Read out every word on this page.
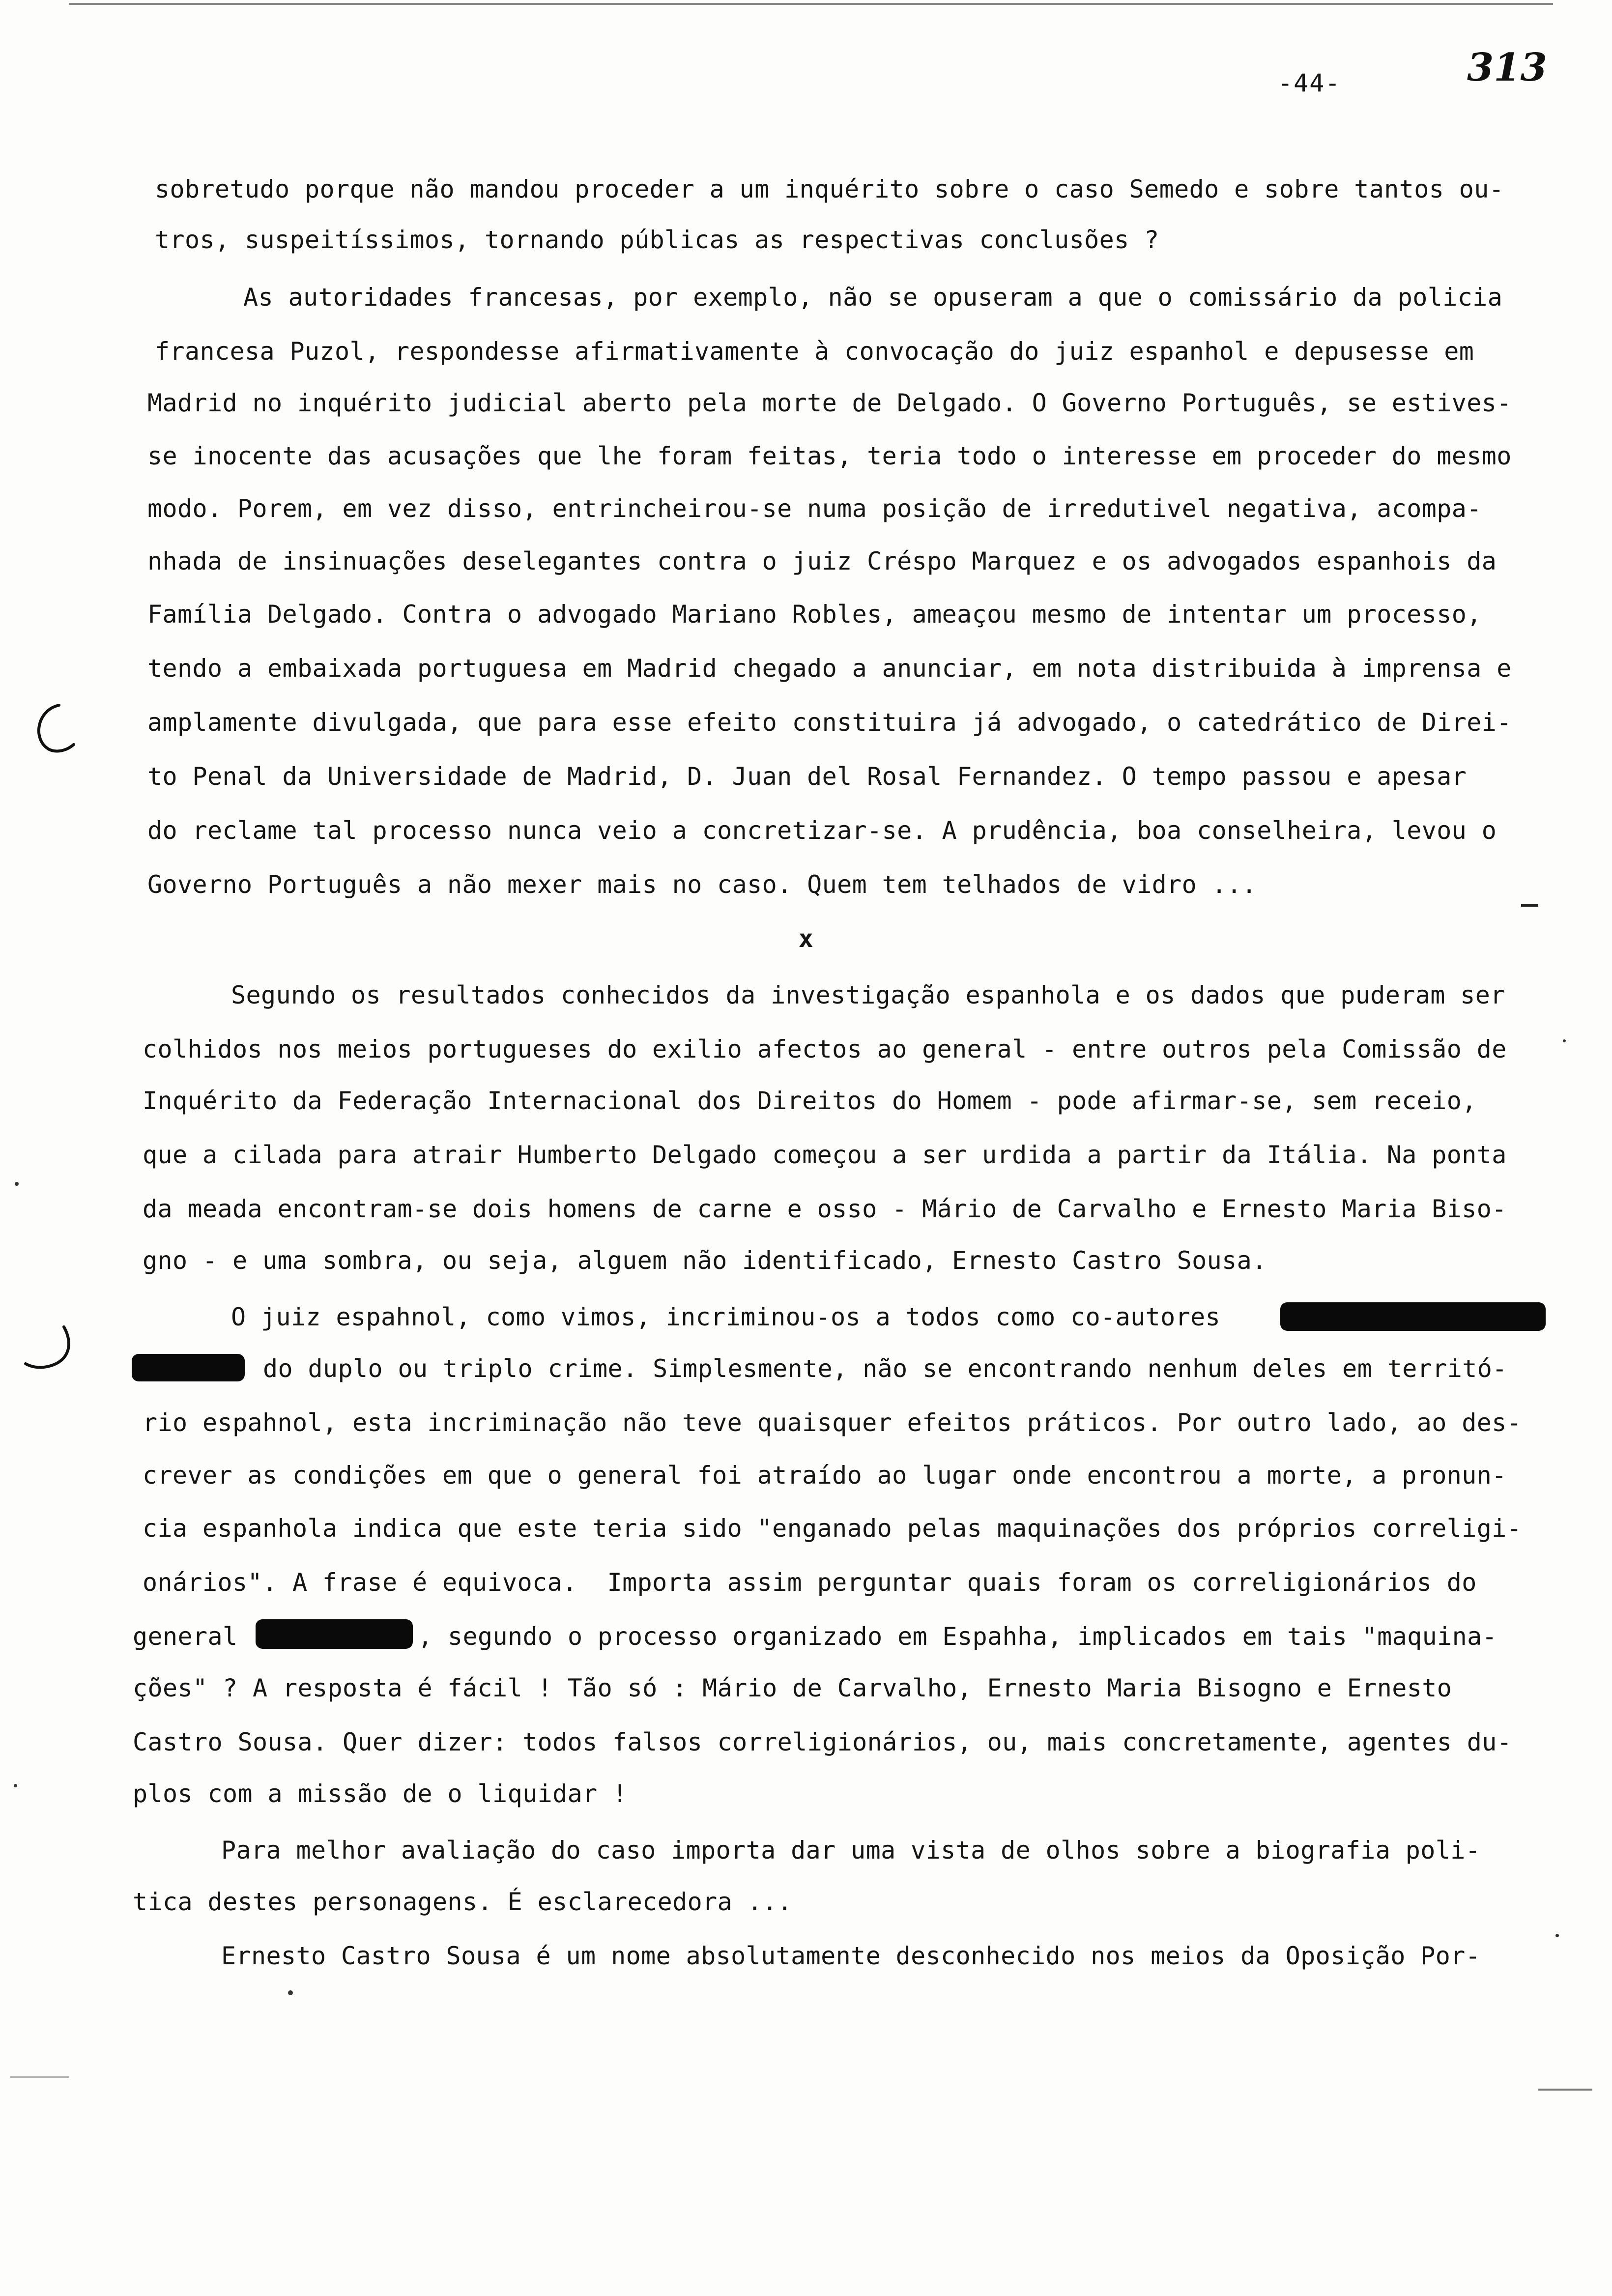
-44-	313
sobretudo porque não mandou proceder a um inquérito sobre o caso Semedo e sobre tantos ou-
tros, suspeitíssimos, tornando públicas as respectivas conclusões ?
As autoridades francesas, por exemplo, não se opuseram a que o comissário da policia
francesa Puzol, respondesse afirmativamente à convocação do juiz espanhol e depusesse em
Madrid no inquérito judicial aberto pela morte de Delgado. O Governo Português, se estives-
se inocente das acusações que lhe foram feitas, teria todo o interesse em proceder do mesmo
modo. Porem, em vez disso, entrincheirou-se numa posição de irredutivel negativa, acompa-
nhada de insinuações deselegantes contra o juiz Créspo Marquez e os advogados espanhois da
Família Delgado. Contra o advogado Mariano Robles, ameaçou mesmo de intentar um processo,
tendo a embaixada portuguesa em Madrid chegado a anunciar, em nota distribuida à imprensa e
amplamente divulgada, que para esse efeito constituira já advogado, o catedrático de Direi-
to Penal da Universidade de Madrid, D. Juan del Rosal Fernandez. O tempo passou e apesar
do reclame tal processo nunca veio a concretizar-se. A prudência, boa conselheira, levou o
Governo Português a não mexer mais no caso. Quem tem telhados de vidro ...
x
Segundo os resultados conhecidos da investigação espanhola e os dados que puderam ser
colhidos nos meios portugueses do exilio afectos ao general - entre outros pela Comissão de
Inquérito da Federação Internacional dos Direitos do Homem - pode afirmar-se, sem receio,
que a cilada para atrair Humberto Delgado começou a ser urdida a partir da Itália. Na ponta
da meada encontram-se dois homens de carne e osso - Mário de Carvalho e Ernesto Maria Biso-
gno - e uma sombra, ou seja, alguem não identificado, Ernesto Castro Sousa.
O juiz espahnol, como vimos, incriminou-os a todos como co-autores
do duplo ou triplo crime. Simplesmente, não se encontrando nenhum deles em territó-
rio espahnol, esta incriminação não teve quaisquer efeitos práticos. Por outro lado, ao des-
crever as condições em que o general foi atraído ao lugar onde encontrou a morte, a pronun-
cia espanhola indica que este teria sido "enganado pelas maquinações dos próprios correligi-
onários". A frase é equivoca.  Importa assim perguntar quais foram os correligionários do
general	, segundo o processo organizado em Espahha, implicados em tais "maquina-
ções" ? A resposta é fácil ! Tão só : Mário de Carvalho, Ernesto Maria Bisogno e Ernesto
Castro Sousa. Quer dizer: todos falsos correligionários, ou, mais concretamente, agentes du-
plos com a missão de o liquidar !
Para melhor avaliação do caso importa dar uma vista de olhos sobre a biografia poli-
tica destes personagens. É esclarecedora ...
Ernesto Castro Sousa é um nome absolutamente desconhecido nos meios da Oposição Por-
